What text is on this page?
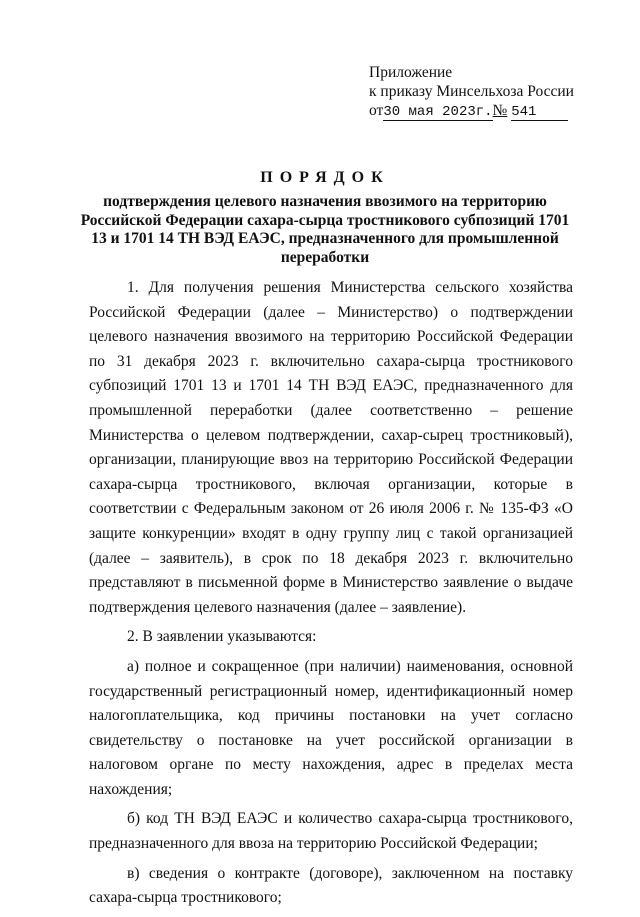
Приложение
к приказу Минсельхоза России
от30 мая 2023г.№ 541
ПОРЯДОК
подтверждения целевого назначения ввозимого на территорию Российской Федерации сахара-сырца тростникового субпозиций 1701 13 и 1701 14 ТН ВЭД ЕАЭС, предназначенного для промышленной переработки

1. Для получения решения Министерства сельского хозяйства Российской Федерации (далее – Министерство) о подтверждении целевого назначения ввозимого на территорию Российской Федерации по 31 декабря 2023 г. включительно сахара-сырца тростникового субпозиций 1701 13 и 1701 14 ТН ВЭД ЕАЭС, предназначенного для промышленной переработки (далее соответственно – решение Министерства о целевом подтверждении, сахар-сырец тростниковый), организации, планирующие ввоз на территорию Российской Федерации сахара-сырца тростникового, включая организации, которые в соответствии с Федеральным законом от 26 июля 2006 г. № 135-ФЗ «О защите конкуренции» входят в одну группу лиц с такой организацией (далее – заявитель), в срок по 18 декабря 2023 г. включительно представляют в письменной форме в Министерство заявление о выдаче подтверждения целевого назначения (далее – заявление).

2. В заявлении указываются:

а) полное и сокращенное (при наличии) наименования, основной государственный регистрационный номер, идентификационный номер налогоплательщика, код причины постановки на учет согласно свидетельству о постановке на учет российской организации в налоговом органе по месту нахождения, адрес в пределах места нахождения;

б) код ТН ВЭД ЕАЭС и количество сахара-сырца тростникового, предназначенного для ввоза на территорию Российской Федерации;

в) сведения о контракте (договоре), заключенном на поставку сахара-сырца тростникового;
